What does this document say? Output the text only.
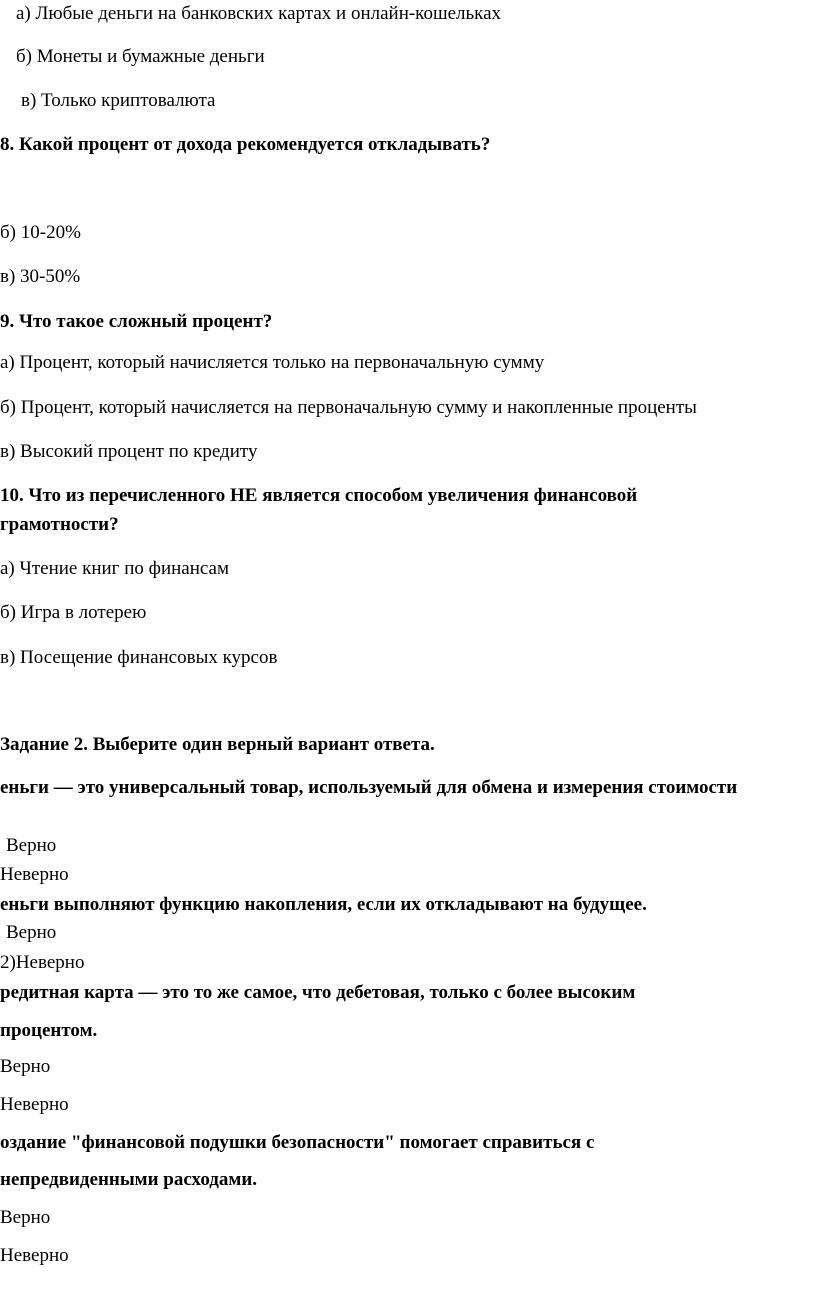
а) Любые деньги на банковских картах и онлайн-кошельках

б) Монеты и бумажные деньги

в) Только криптовалюта

8. Какой процент от дохода рекомендуется откладывать?

б) 10-20%

в) 30-50%

9. Что такое сложный процент?

а) Процент, который начисляется только на первоначальную сумму

б) Процент, который начисляется на первоначальную сумму и накопленные проценты

в) Высокий процент по кредиту

10. Что из перечисленного НЕ является способом увеличения финансовой грамотности?

а) Чтение книг по финансам

б) Игра в лотерею

в) Посещение финансовых курсов

Задание 2. Выберите один верный вариант ответа.

еньги — это универсальный товар, используемый для обмена и измерения стоимости

Верно

Неверно

еньги выполняют функцию накопления, если их откладывают на будущее.

Верно

2)Неверно

редитная карта — это то же самое, что дебетовая, только с более высоким

процентом.

Верно

Неверно

оздание "финансовой подушки безопасности" помогает справиться с

непредвиденными расходами.

Верно

Неверно
